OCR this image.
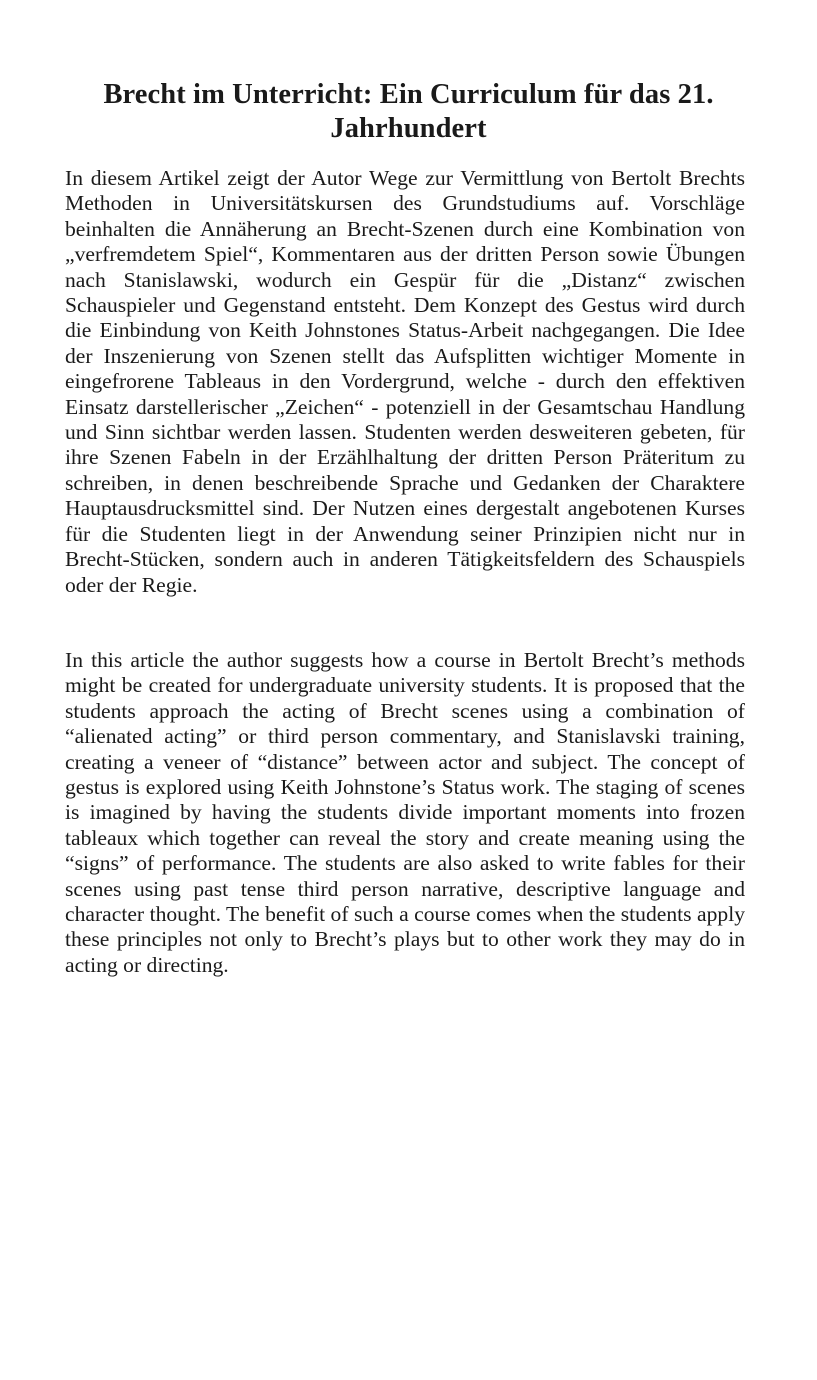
Brecht im Unterricht: Ein Curriculum für das 21. Jahrhundert

In diesem Artikel zeigt der Autor Wege zur Vermittlung von Bertolt Brechts Methoden in Universitätskursen des Grundstudiums auf. Vorschläge beinhalten die Annäherung an Brecht-Szenen durch eine Kombination von „verfremdetem Spiel“, Kommentaren aus der dritten Person sowie Übungen nach Stanislawski, wodurch ein Gespür für die „Distanz“ zwischen Schauspieler und Gegenstand entsteht. Dem Konzept des Gestus wird durch die Einbindung von Keith Johnstones Status-Arbeit nachgegangen. Die Idee der Inszenierung von Szenen stellt das Aufsplitten wichtiger Momente in eingefrorene Tableaus in den Vordergrund, welche - durch den effektiven Einsatz darstellerischer „Zeichen“ - potenziell in der Gesamtschau Handlung und Sinn sichtbar werden lassen. Studenten werden desweiteren gebeten, für ihre Szenen Fabeln in der Erzählhaltung der dritten Person Präteritum zu schreiben, in denen beschreibende Sprache und Gedanken der Charaktere Hauptausdrucksmittel sind. Der Nutzen eines dergestalt angebotenen Kurses für die Studenten liegt in der Anwendung seiner Prinzipien nicht nur in Brecht-Stücken, sondern auch in anderen Tätigkeitsfeldern des Schauspiels oder der Regie.

In this article the author suggests how a course in Bertolt Brecht’s methods might be created for undergraduate university students. It is proposed that the students approach the acting of Brecht scenes using a combination of “alienated acting” or third person commentary, and Stanislavski training, creating a veneer of “distance” between actor and subject. The concept of gestus is explored using Keith Johnstone’s Status work. The staging of scenes is imagined by having the students divide important moments into frozen tableaux which together can reveal the story and create meaning using the “signs” of performance. The students are also asked to write fables for their scenes using past tense third person narrative, descriptive language and character thought. The benefit of such a course comes when the students apply these principles not only to Brecht’s plays but to other work they may do in acting or directing.
